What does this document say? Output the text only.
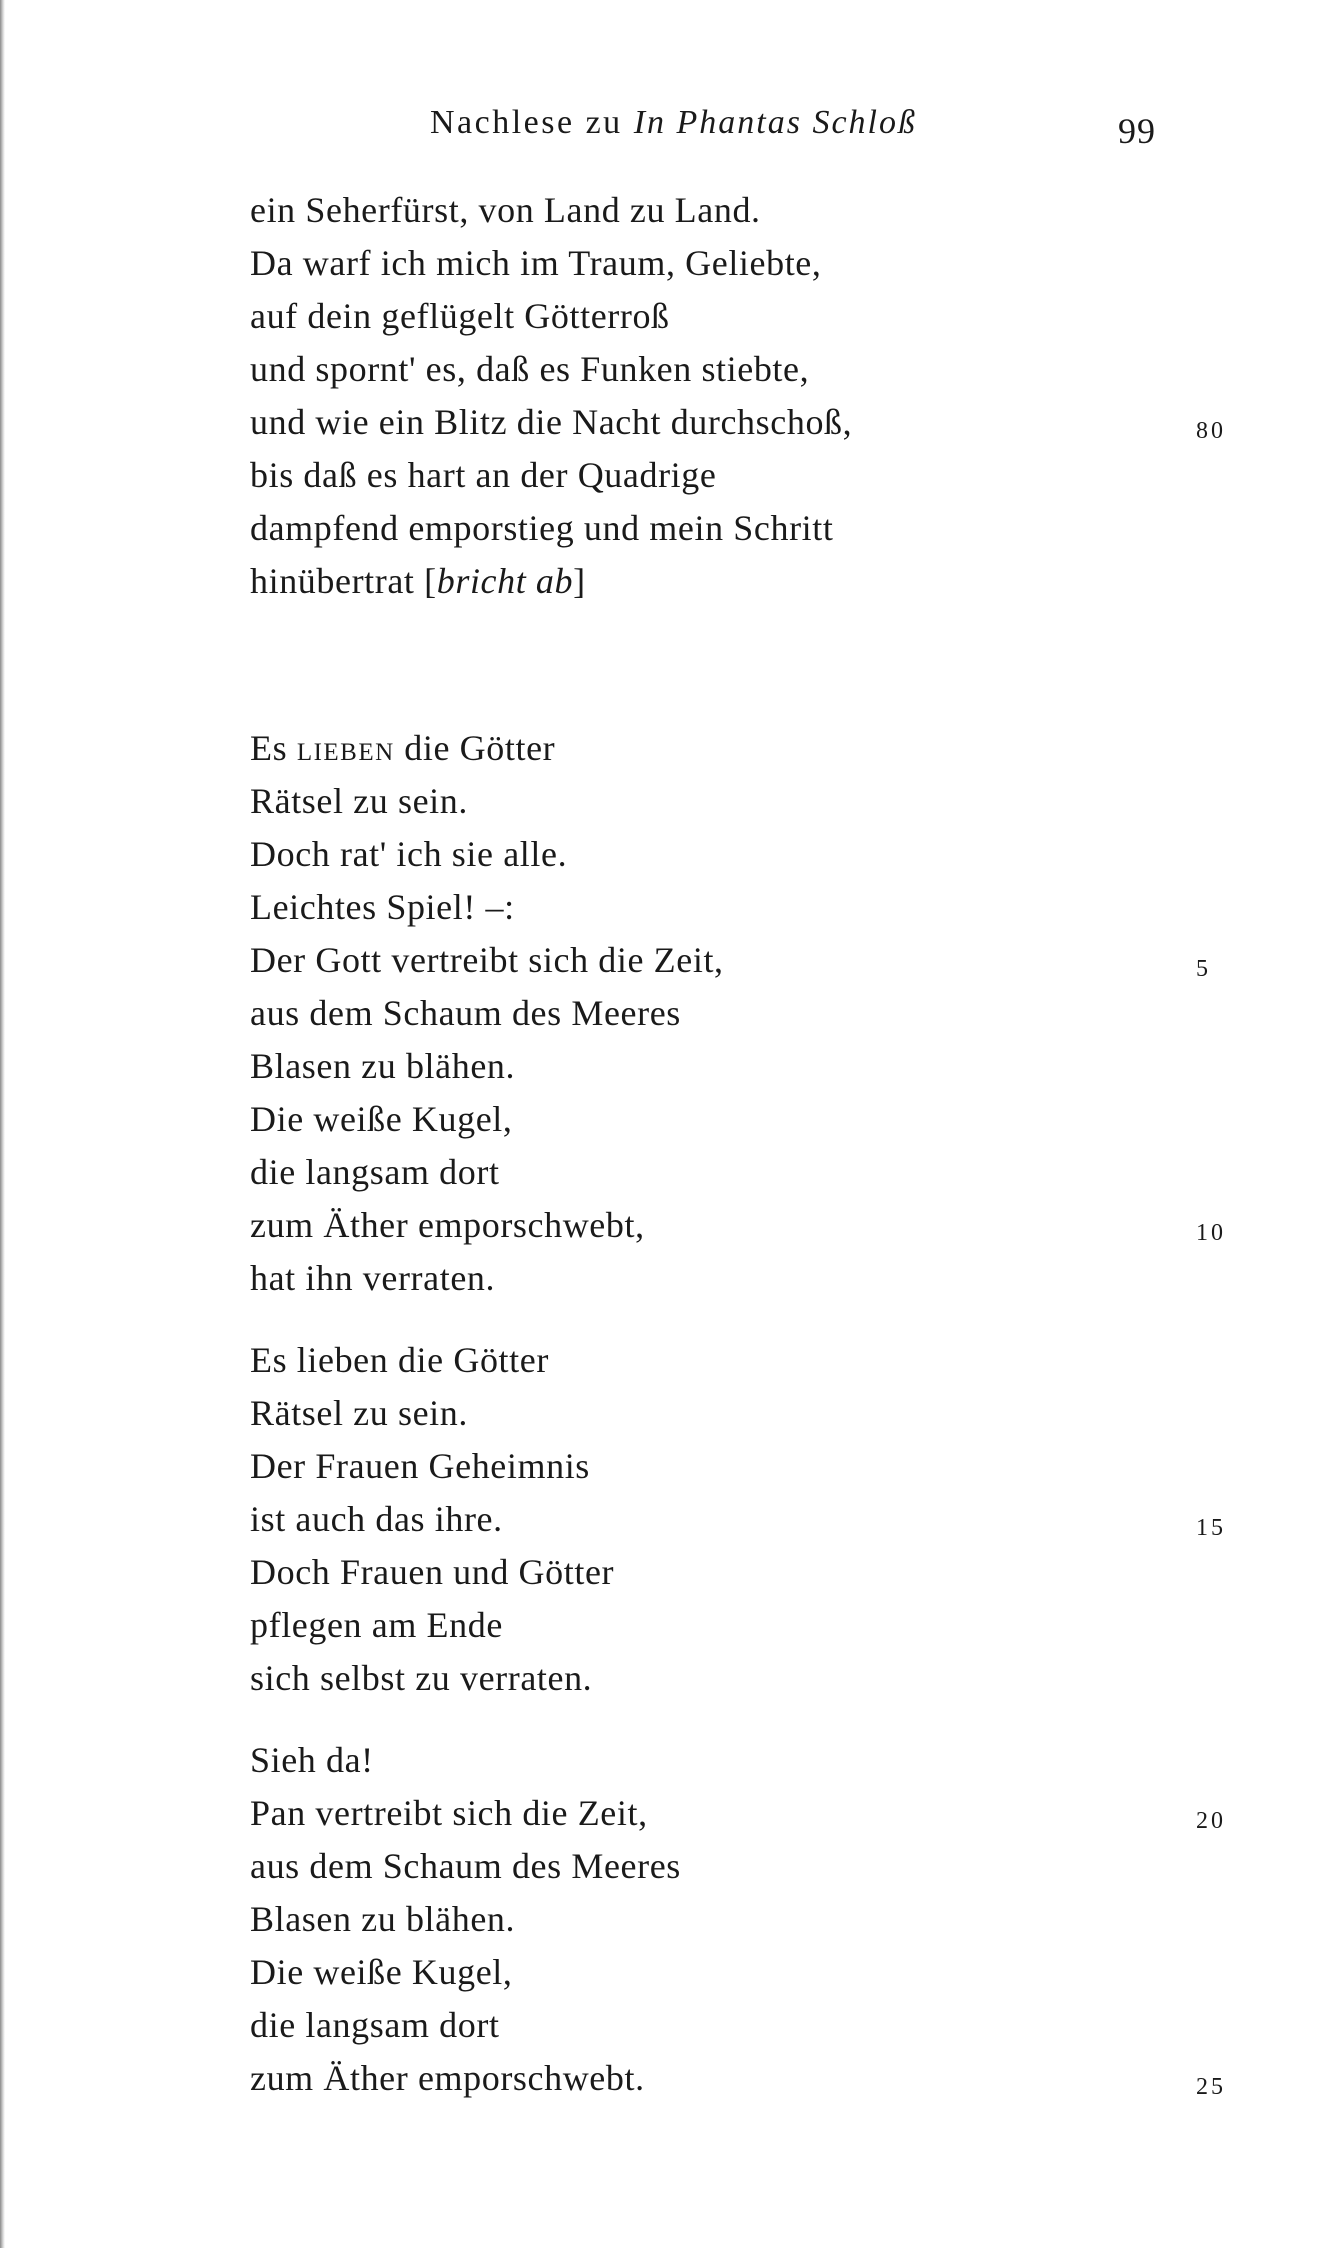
Nachlese zu In Phantas Schloß	99
ein Seherfürst, von Land zu Land.
Da warf ich mich im Traum, Geliebte,
auf dein geflügelt Götterroß
und spornt' es, daß es Funken stiebte,
und wie ein Blitz die Nacht durchschoß,
bis daß es hart an der Quadrige
dampfend emporstieg und mein Schritt
hinübertrat [bricht ab]
80
Es lieben die Götter
Rätsel zu sein.
Doch rat' ich sie alle.
Leichtes Spiel! –:
Der Gott vertreibt sich die Zeit,
aus dem Schaum des Meeres
Blasen zu blähen.
Die weiße Kugel,
die langsam dort
zum Äther emporschwebt,
hat ihn verraten.
5
10
Es lieben die Götter
Rätsel zu sein.
Der Frauen Geheimnis
ist auch das ihre.
Doch Frauen und Götter
pflegen am Ende
sich selbst zu verraten.
15
Sieh da!
Pan vertreibt sich die Zeit,
aus dem Schaum des Meeres
Blasen zu blähen.
Die weiße Kugel,
die langsam dort
zum Äther emporschwebt.
20
25
